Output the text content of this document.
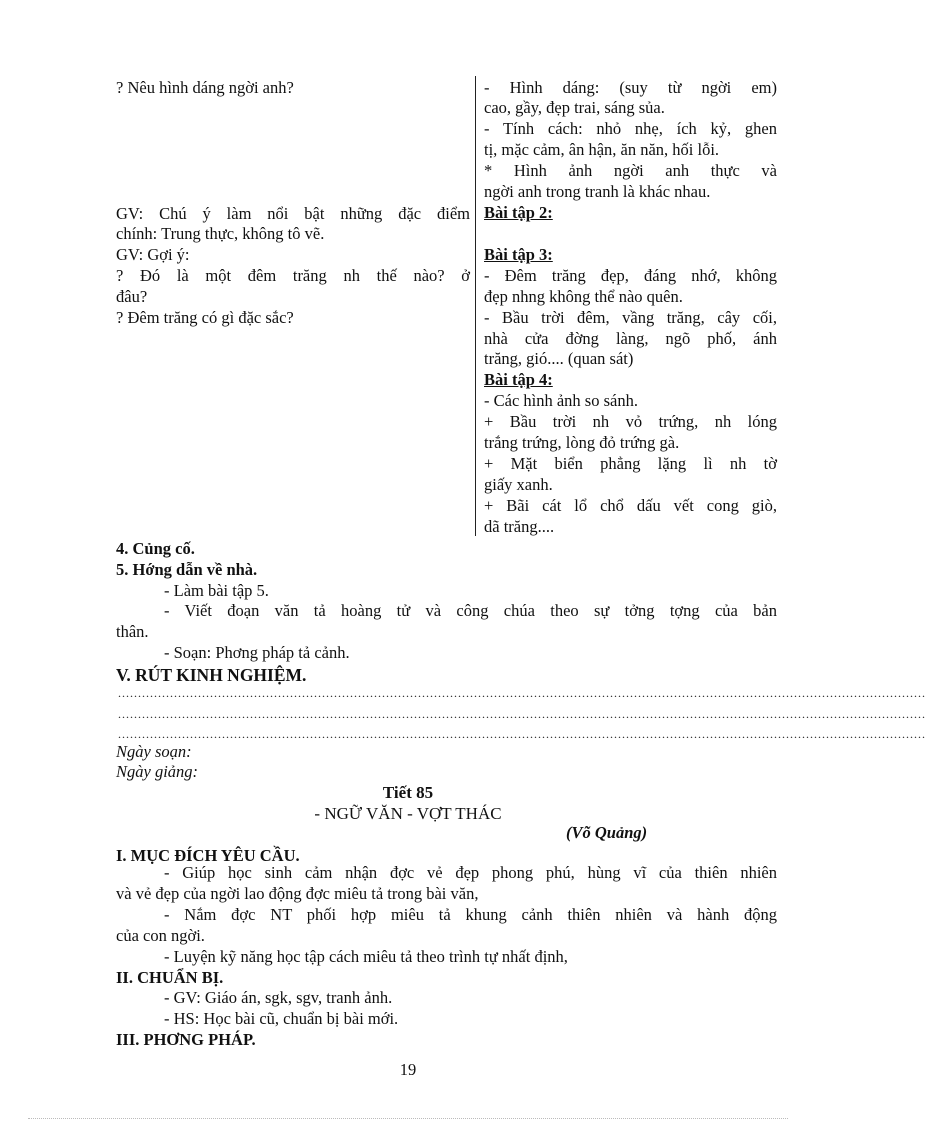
? Nêu hình dáng ngời anh?
GV: Chú ý làm nổi bật những đặc điểm
chính: Trung thực, không tô vẽ.
GV: Gợi ý:
? Đó là một đêm trăng nh thế nào? ở
đâu?
? Đêm trăng có gì đặc sắc?
- Hình dáng: (suy từ ngời em)
cao, gầy, đẹp trai, sáng sủa.
- Tính cách: nhỏ nhẹ, ích kỷ, ghen
tị, mặc cảm, ân hận, ăn năn, hối lỗi.
* Hình ảnh ngời anh thực và
ngời anh trong tranh là khác nhau.
Bài tập 2:
Bài tập 3:
- Đêm trăng đẹp, đáng nhớ, không
đẹp nhng không thể nào quên.
- Bầu trời đêm, vầng trăng, cây cối,
nhà cửa đờng làng, ngõ phố, ánh
trăng, gió.... (quan sát)
Bài tập 4:
- Các hình ảnh so sánh.
+ Bầu trời nh vỏ trứng, nh lóng
trắng trứng, lòng đỏ trứng gà.
+ Mặt biển phẳng lặng lì nh tờ
giấy xanh.
+ Bãi cát lổ chổ dấu vết cong giò,
dã trăng....
4. Củng cố.
5. Hớng dẫn về nhà.
- Làm bài tập 5.
- Viết đoạn văn tả hoàng tử và công chúa theo sự tởng tợng của bản
thân.
- Soạn: Phơng pháp tả cảnh.
V. RÚT KINH NGHIỆM.
..........................................................................................................................................................................................................
..........................................................................................................................................................................................................
..........................................................................................................................................................................................................
Ngày soạn:
Ngày giảng:
Tiết 85
- NGỮ VĂN - VỢT THÁC
(Võ Quảng)
I. MỤC ĐÍCH YÊU CẦU.
- Giúp học sinh cảm nhận đợc vẻ đẹp phong phú, hùng vĩ của thiên nhiên
và vẻ đẹp của ngời lao động đợc miêu tả trong bài văn,
- Nắm đợc NT phối hợp miêu tả khung cảnh thiên nhiên và hành động
của con ngời.
- Luyện kỹ năng học tập cách miêu tả theo trình tự nhất định,
II. CHUẨN BỊ.
- GV: Giáo án, sgk, sgv, tranh ảnh.
- HS: Học bài cũ, chuẩn bị bài mới.
III. PHƠNG PHÁP.
19
